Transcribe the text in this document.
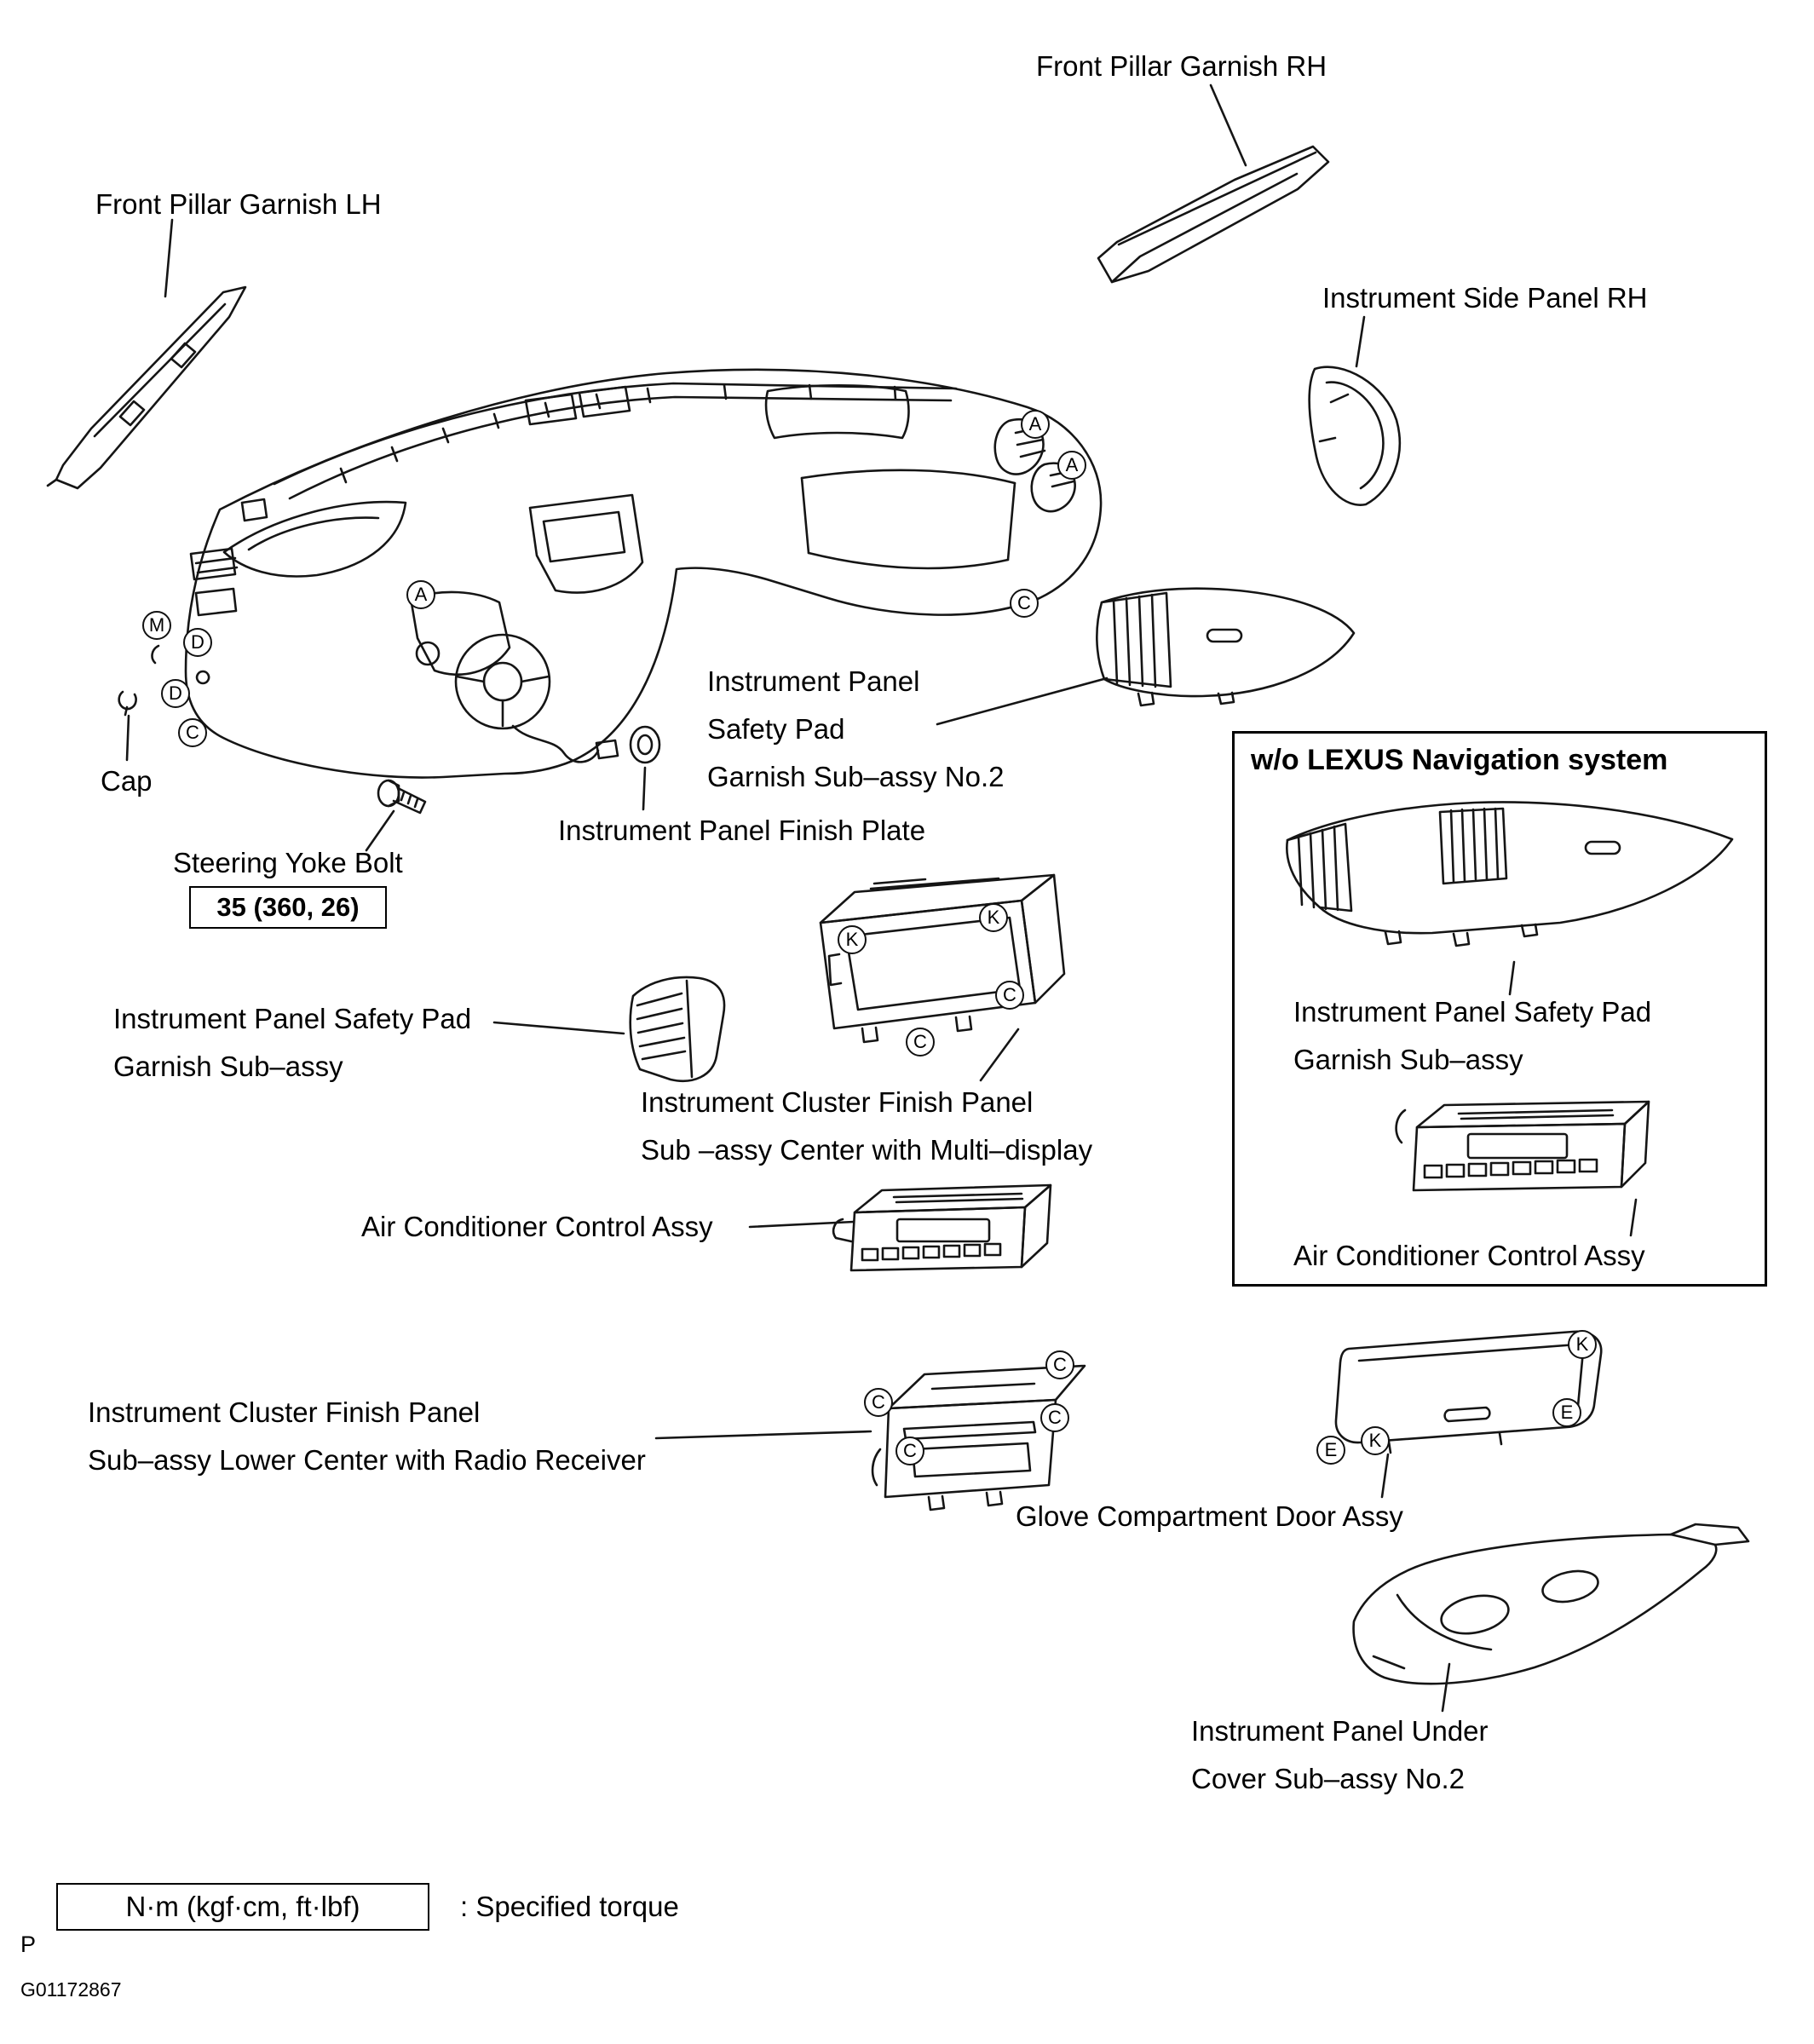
w/o LEXUS Navigation system
Front Pillar Garnish RH
Front Pillar Garnish LH
Instrument Side Panel RH
Instrument Panel
Safety Pad
Garnish Sub–assy No.2
Instrument Panel Finish Plate
Cap
Steering Yoke Bolt
35 (360, 26)
Instrument Panel Safety Pad
Garnish Sub–assy
Instrument Cluster Finish Panel
Sub –assy Center with Multi–display
Air Conditioner Control Assy
Instrument Cluster Finish Panel
Sub–assy Lower Center with Radio Receiver
Glove Compartment Door Assy
Instrument Panel Under
Cover Sub–assy No.2
Instrument Panel Safety Pad
Garnish Sub–assy
Air Conditioner Control Assy
N·m (kgf·cm, ft·lbf)	: Specified torque
P
G01172867
A
A
C
A
M
D
D
C
K
K
C
C
C
C
C
C
K
E
K
E
